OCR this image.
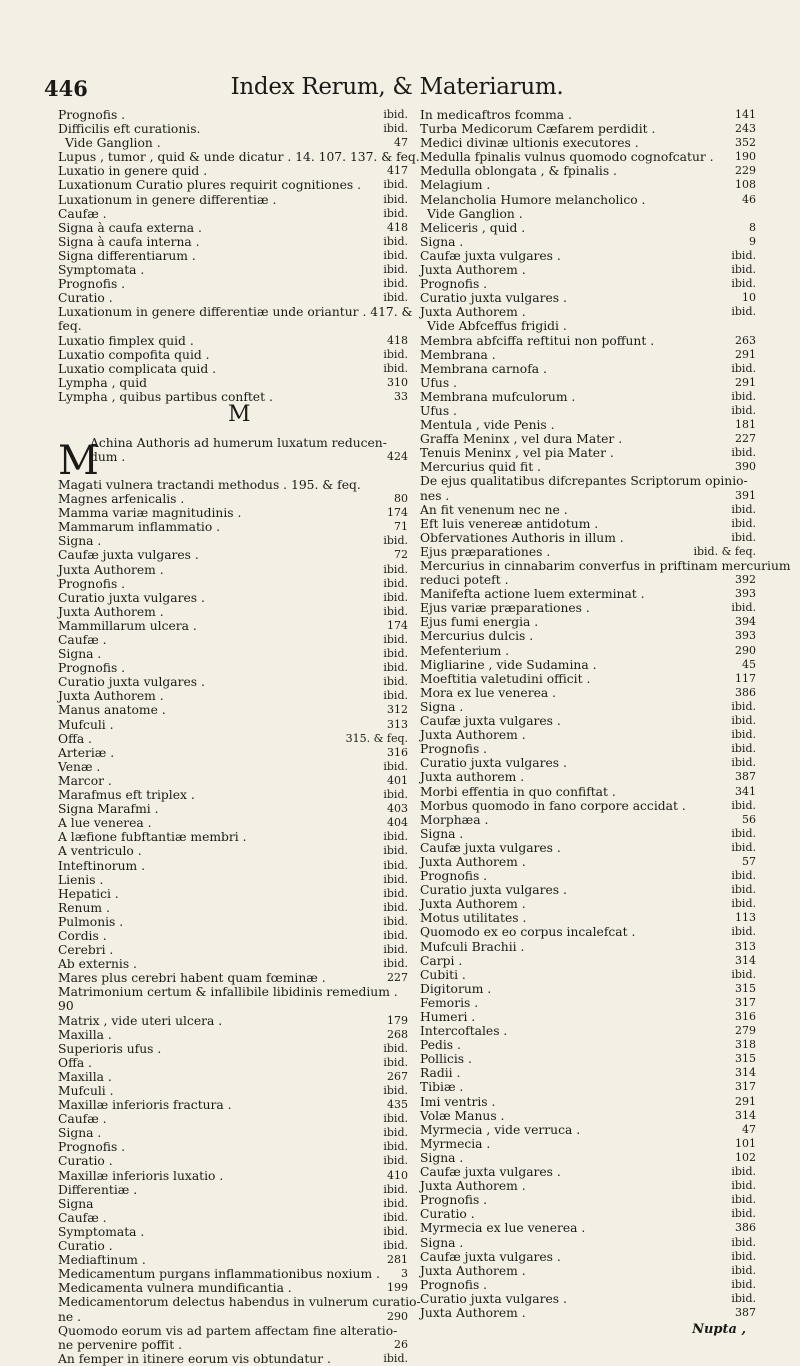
446	Index Rerum, & Materiarum.
Prognofis .	ibid.
Difficilis eft curationis.	ibid.
Vide Ganglion .	47
Lupus , tumor , quid & unde dicatur . 14. 107. 137. & feq.
Luxatio in genere quid .	417
Luxationum Curatio plures requirit cognitiones . ibid.
Luxationum in genere differentiæ .	ibid.
Caufæ .	ibid.
Signa à caufa externa .	418
Signa à caufa interna .	ibid.
Signa differentiarum .	ibid.
Symptomata .	ibid.
Prognofis .	ibid.
Curatio .	ibid.
Luxationum in genere differentiæ unde oriantur . 417. &
feq.
Luxatio fimplex quid .	418
Luxatio compofita quid .	ibid.
Luxatio complicata quid .	ibid.
Lympha , quid	310
Lympha , quibus partibus conftet .	33
M
M
Achina Authoris ad humerum luxatum reducen-
dum .	424
Magati vulnera tractandi methodus . 195. & feq.
Magnes arfenicalis .	80
Mamma variæ magnitudinis .	174
Mammarum inflammatio .	71
Signa .	ibid.
Caufæ juxta vulgares .	72
Juxta Authorem .	ibid.
Prognofis .	ibid.
Curatio juxta vulgares .	ibid.
Juxta Authorem .	ibid.
Mammillarum ulcera .	174
Caufæ .	ibid.
Signa .	ibid.
Prognofis .	ibid.
Curatio juxta vulgares .	ibid.
Juxta Authorem .	ibid.
Manus anatome .	312
Mufculi .	313
Offa .	315. & feq.
Arteriæ .	316
Venæ .	ibid.
Marcor .	401
Marafmus eft triplex .	ibid.
Signa Marafmi .	403
A lue venerea .	404
A læfione fubftantiæ membri .	ibid.
A ventriculo .	ibid.
Inteftinorum .	ibid.
Lienis .	ibid.
Hepatici .	ibid.
Renum .	ibid.
Pulmonis .	ibid.
Cordis .	ibid.
Cerebri .	ibid.
Ab externis .	ibid.
Mares plus cerebri habent quam fœminæ .	227
Matrimonium certum & infallibile libidinis remedium .
90
Matrix , vide uteri ulcera .	179
Maxilla .	268
Superioris ufus .	ibid.
Offa .	ibid.
Maxilla .	267
Mufculi .	ibid.
Maxillæ inferioris fractura .	435
Caufæ .	ibid.
Signa .	ibid.
Prognofis .	ibid.
Curatio .	ibid.
Maxillæ inferioris luxatio .	410
Differentiæ .	ibid.
Signa	ibid.
Caufæ .	ibid.
Symptomata .	ibid.
Curatio .	ibid.
Mediaftinum .	281
Medicamentum purgans inflammationibus noxium . 3
Medicamenta vulnera mundificantia .	199
Medicamentorum delectus habendus in vulnerum curatio-
ne .	290
Quomodo eorum vis ad partem affectam fine alteratio-
ne pervenire poffit .	26
An femper in itinere eorum vis obtundatur .	ibid.
In medicaftros fcomma .	141
Turba Medicorum Cæfarem perdidit .	243
Medici divinæ ultionis executores .	352
Medulla fpinalis vulnus quomodo cognofcatur . 190
Medulla oblongata , & fpinalis .	229
Melagium .	108
Melancholia Humore melancholico .	46
Vide Ganglion .
Meliceris , quid .	8
Signa .	9
Caufæ juxta vulgares .	ibid.
Juxta Authorem .	ibid.
Prognofis .	ibid.
Curatio juxta vulgares .	10
Juxta Authorem .	ibid.
Vide Abfceffus frigidi .
Membra abfciffa reftitui non poffunt .	263
Membrana .	291
Membrana carnofa .	ibid.
Ufus .	291
Membrana mufculorum .	ibid.
Ufus .	ibid.
Mentula , vide Penis .	181
Graffa Meninx , vel dura Mater .	227
Tenuis Meninx , vel pia Mater .	ibid.
Mercurius quid fit .	390
De ejus qualitatibus difcrepantes Scriptorum opinio-
nes .	391
An fit venenum nec ne .	ibid.
Eft luis venereæ antidotum .	ibid.
Obfervationes Authoris in illum .	ibid.
Ejus præparationes .	ibid. & feq.
Mercurius in cinnabarim converfus in priftinam mercurium
reduci poteft .	392
Manifefta actione luem exterminat .	393
Ejus variæ præparationes .	ibid.
Ejus fumi energia .	394
Mercurius dulcis .	393
Mefenterium .	290
Migliarine , vide Sudamina .	45
Moeftitia valetudini officit .	117
Mora ex lue venerea .	386
Signa .	ibid.
Caufæ juxta vulgares .	ibid.
Juxta Authorem .	ibid.
Prognofis .	ibid.
Curatio juxta vulgares .	ibid.
Juxta authorem .	387
Morbi effentia in quo confiftat .	341
Morbus quomodo in fano corpore accidat .	ibid.
Morphæa .	56
Signa .	ibid.
Caufæ juxta vulgares .	ibid.
Juxta Authorem .	57
Prognofis .	ibid.
Curatio juxta vulgares .	ibid.
Juxta Authorem .	ibid.
Motus utilitates .	113
Quomodo ex eo corpus incalefcat .	ibid.
Mufculi Brachii .	313
Carpi .	314
Cubiti .	ibid.
Digitorum .	315
Femoris .	317
Humeri .	316
Intercoftales .	279
Pedis .	318
Pollicis .	315
Radii .	314
Tibiæ .	317
Imi ventris .	291
Volæ Manus .	314
Myrmecia , vide verruca .	47
Myrmecia .	101
Signa .	102
Caufæ juxta vulgares .	ibid.
Juxta Authorem .	ibid.
Prognofis .	ibid.
Curatio .	ibid.
Myrmecia ex lue venerea .	386
Signa .	ibid.
Caufæ juxta vulgares .	ibid.
Juxta Authorem .	ibid.
Prognofis .	ibid.
Curatio juxta vulgares .	ibid.
Juxta Authorem .	387
Nupta ,
